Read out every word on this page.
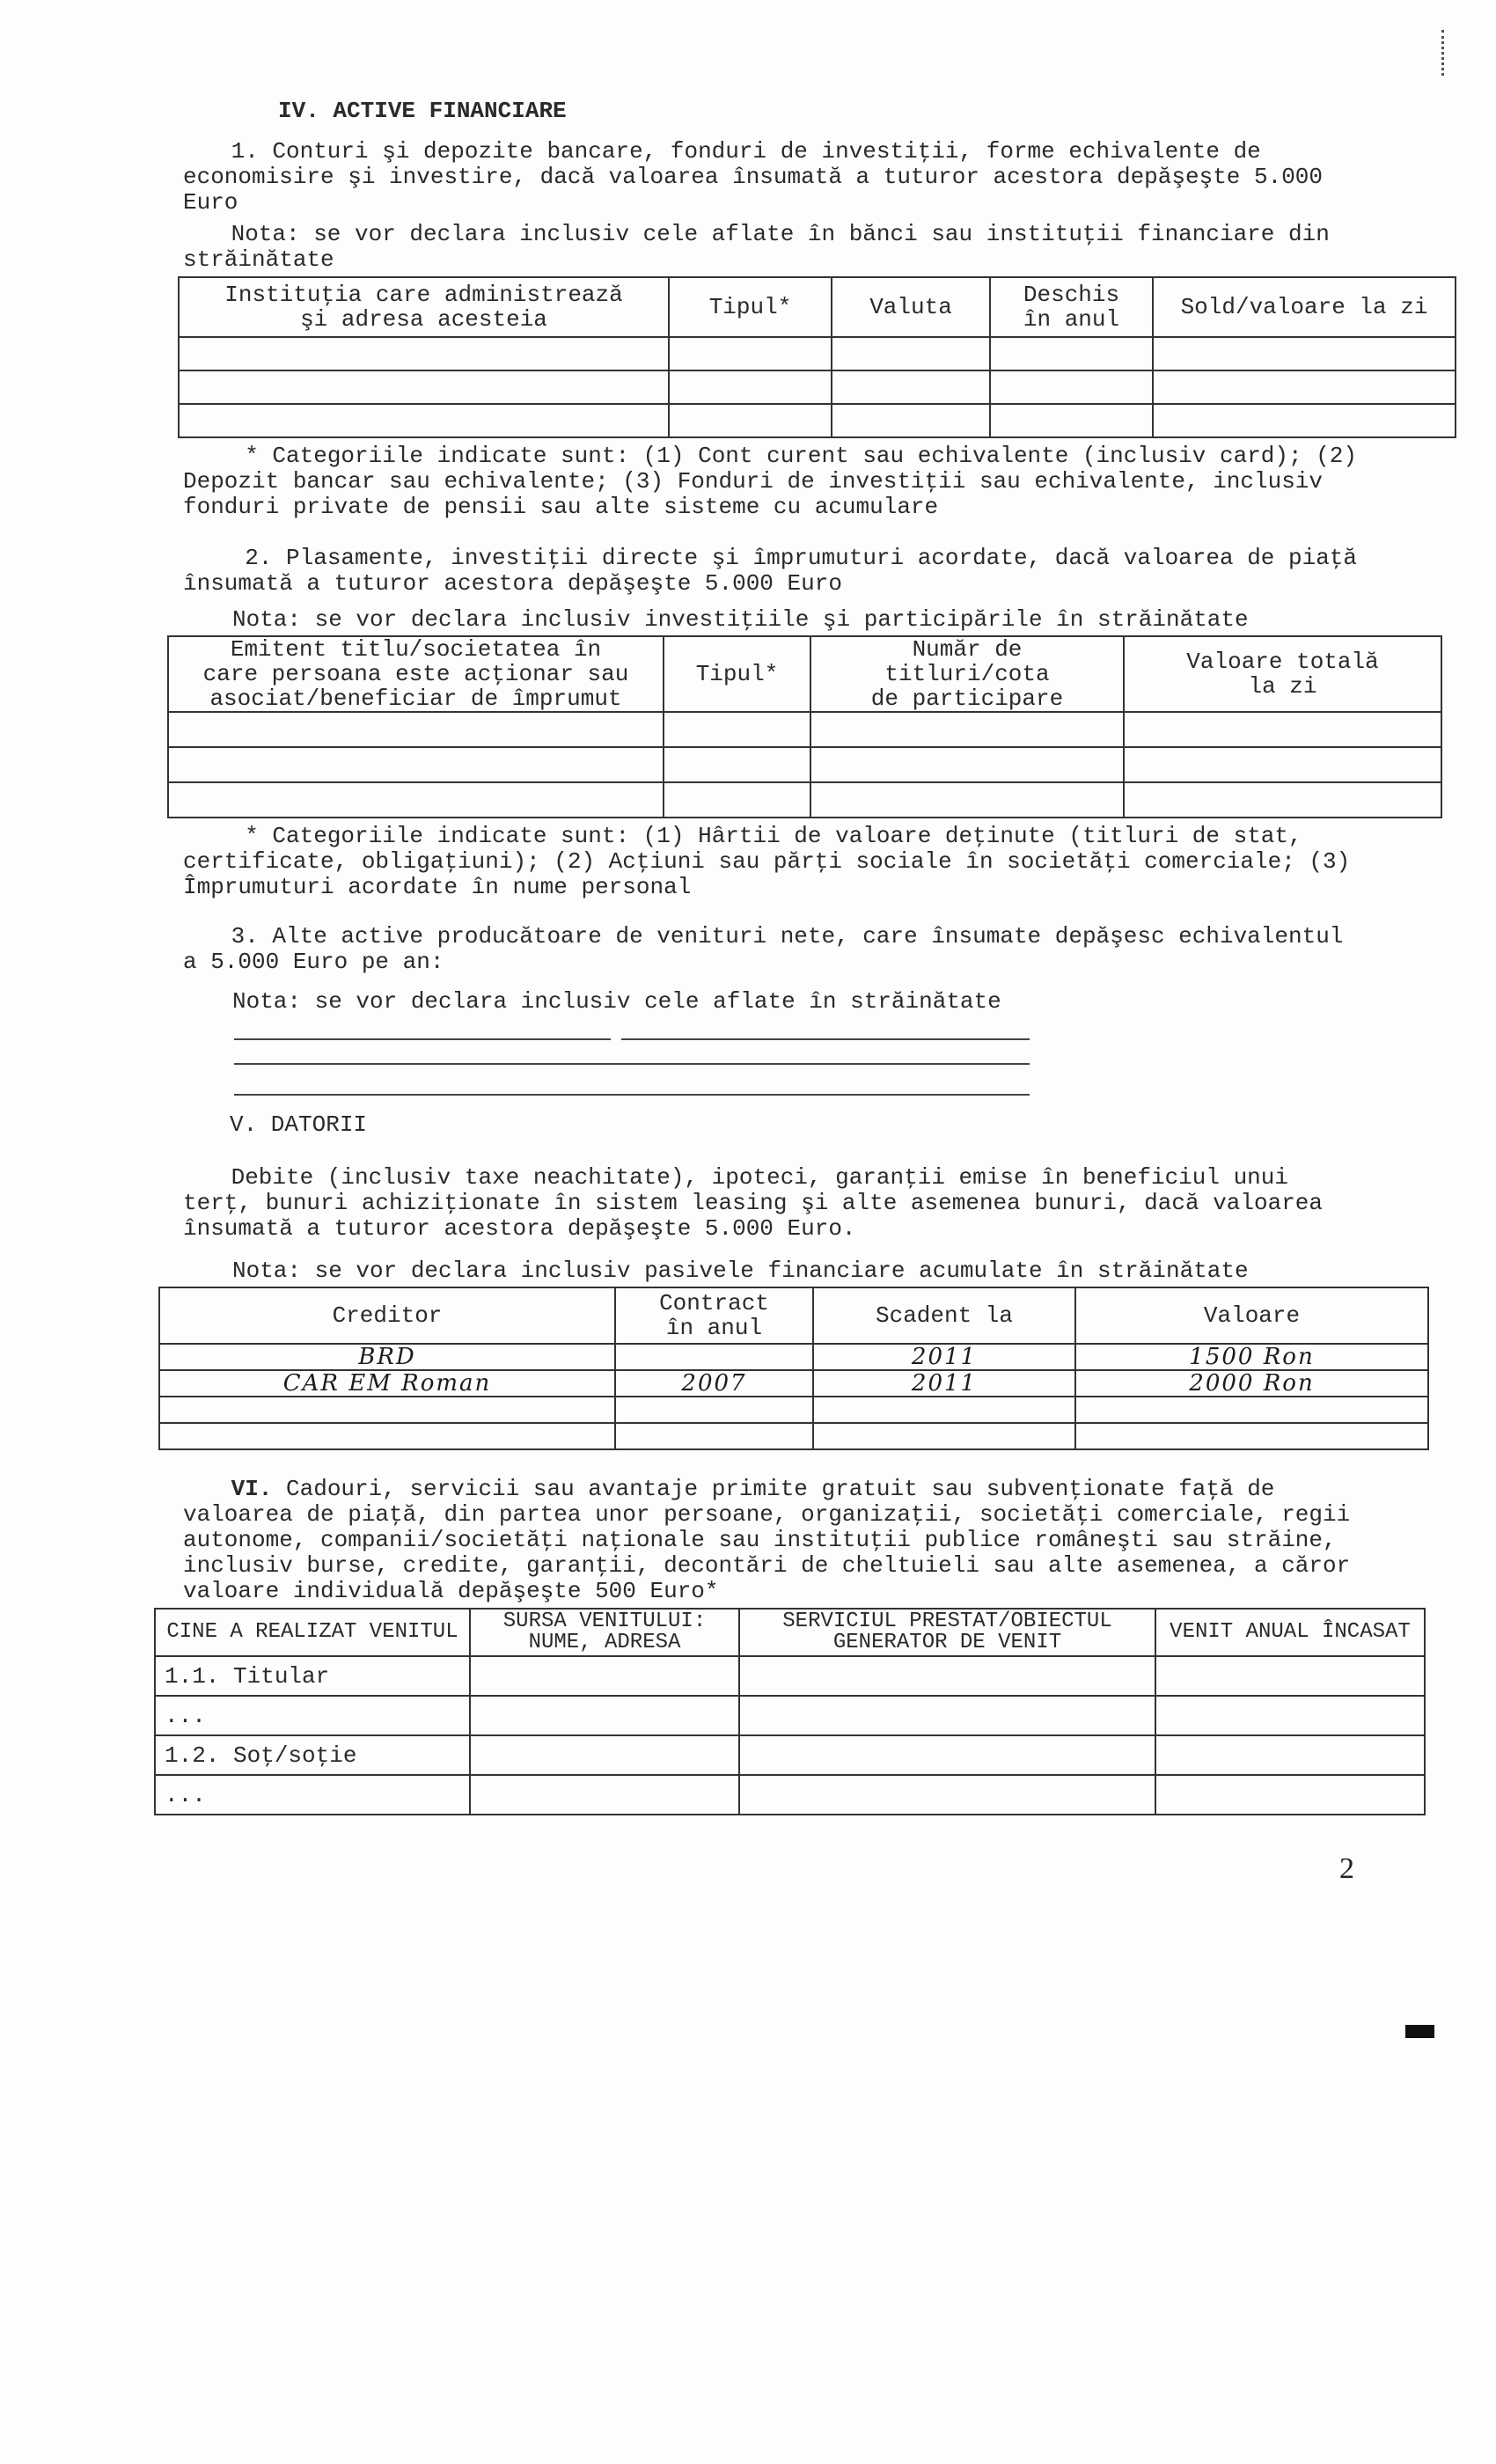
IV. ACTIVE FINANCIARE

1. Conturi şi depozite bancare, fonduri de investiţii, forme echivalente de economisire şi investire, dacă valoarea însumată a tuturor acestora depăşeşte 5.000 Euro

Nota: se vor declara inclusiv cele aflate în bănci sau instituţii financiare din străinătate

Instituţia care administrează şi adresa acesteia	Tipul*	Valuta	Deschis în anul	Sold/valoare la zi

* Categoriile indicate sunt: (1) Cont curent sau echivalente (inclusiv card); (2) Depozit bancar sau echivalente; (3) Fonduri de investiţii sau echivalente, inclusiv fonduri private de pensii sau alte sisteme cu acumulare

2. Plasamente, investiţii directe şi împrumuturi acordate, dacă valoarea de piaţă însumată a tuturor acestora depăşeşte 5.000 Euro

Nota: se vor declara inclusiv investiţiile şi participările în străinătate

Emitent titlu/societatea în care persoana este acţionar sau asociat/beneficiar de împrumut	Tipul*	Număr de titluri/cota de participare	Valoare totală la zi

* Categoriile indicate sunt: (1) Hârtii de valoare deţinute (titluri de stat, certificate, obligaţiuni); (2) Acţiuni sau părţi sociale în societăţi comerciale; (3) Împrumuturi acordate în nume personal

3. Alte active producătoare de venituri nete, care însumate depăşesc echivalentul a 5.000 Euro pe an:

Nota: se vor declara inclusiv cele aflate în străinătate

V. DATORII

Debite (inclusiv taxe neachitate), ipoteci, garanţii emise în beneficiul unui terţ, bunuri achiziţionate în sistem leasing şi alte asemenea bunuri, dacă valoarea însumată a tuturor acestora depăşeşte 5.000 Euro.

Nota: se vor declara inclusiv pasivele financiare acumulate în străinătate

Creditor	Contract în anul	Scadent la	Valoare
BRD		2011	1500 Ron
CAR EM Roman	2007	2011	2000 Ron

VI. Cadouri, servicii sau avantaje primite gratuit sau subvenţionate faţă de valoarea de piaţă, din partea unor persoane, organizaţii, societăţi comerciale, regii autonome, companii/societăţi naţionale sau instituţii publice româneşti sau străine, inclusiv burse, credite, garanţii, decontări de cheltuieli sau alte asemenea, a căror valoare individuală depăşeşte 500 Euro*

CINE A REALIZAT VENITUL	SURSA VENITULUI: NUME, ADRESA	SERVICIUL PRESTAT/OBIECTUL GENERATOR DE VENIT	VENIT ANUAL ÎNCASAT
1.1. Titular			
...			
1.2. Soţ/soţie			
...			
2
